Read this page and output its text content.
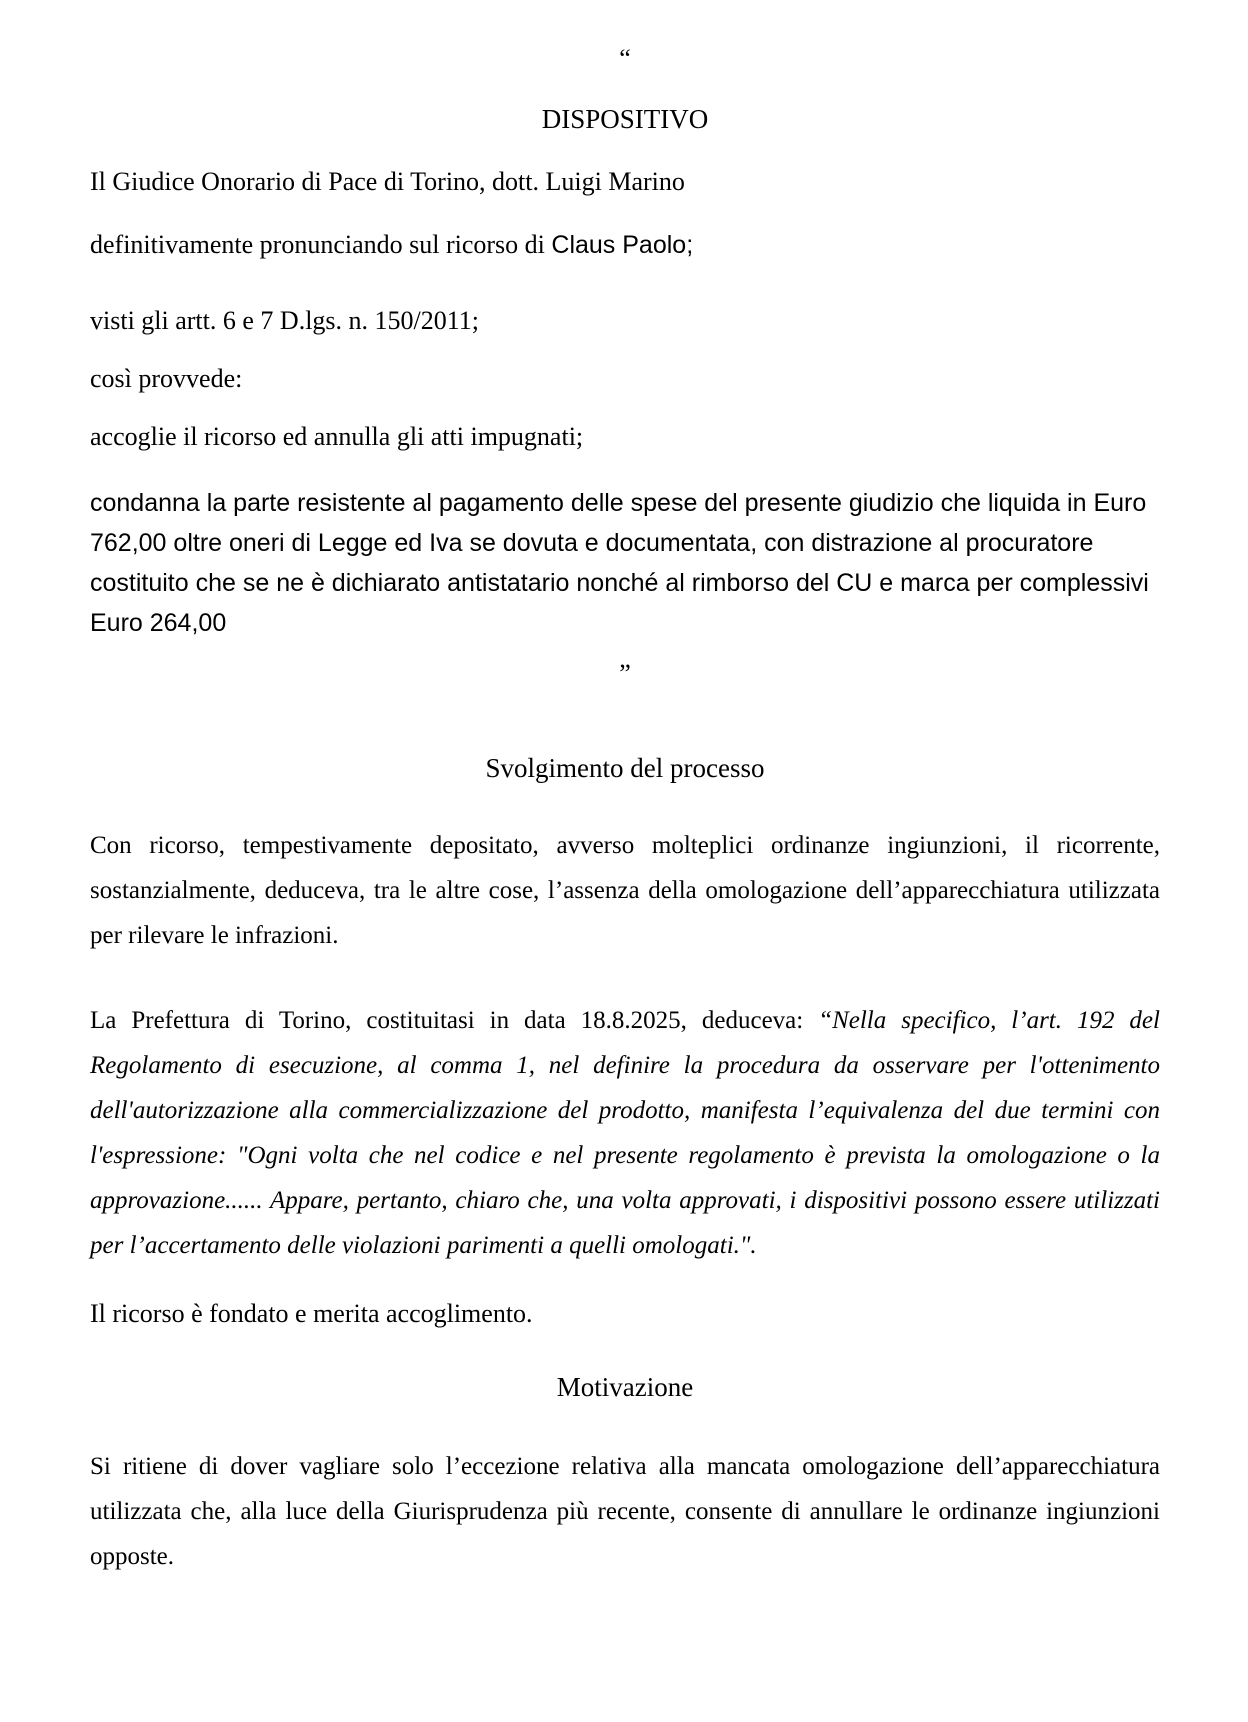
“

DISPOSITIVO

Il Giudice Onorario di Pace di Torino, dott. Luigi Marino

definitivamente pronunciando sul ricorso di Claus Paolo;

visti gli artt. 6 e 7 D.lgs. n. 150/2011;

così provvede:

accoglie il ricorso ed annulla gli atti impugnati;

condanna la parte resistente al pagamento delle spese del presente giudizio che liquida in Euro 762,00 oltre oneri di Legge ed Iva se dovuta e documentata, con distrazione al procuratore costituito che se ne è dichiarato antistatario nonché al rimborso del CU e marca per complessivi Euro 264,00

”

Svolgimento del processo

Con ricorso, tempestivamente depositato, avverso molteplici ordinanze ingiunzioni, il ricorrente, sostanzialmente, deduceva, tra le altre cose, l’assenza della omologazione dell’apparecchiatura utilizzata per rilevare le infrazioni.

La Prefettura di Torino, costituitasi in data 18.8.2025, deduceva: “Nella specifico, l’art. 192 del Regolamento di esecuzione, al comma 1, nel definire la procedura da osservare per l'ottenimento dell'autorizzazione alla commercializzazione del prodotto, manifesta l’equivalenza del due termini con l'espressione: "Ogni volta che nel codice e nel presente regolamento è prevista la omologazione o la approvazione...... Appare, pertanto, chiaro che, una volta approvati, i dispositivi possono essere utilizzati per l’accertamento delle violazioni parimenti a quelli omologati.".

Il ricorso è fondato e merita accoglimento.

Motivazione

Si ritiene di dover vagliare solo l’eccezione relativa alla mancata omologazione dell’apparecchiatura utilizzata che, alla luce della Giurisprudenza più recente, consente di annullare le ordinanze ingiunzioni opposte.
